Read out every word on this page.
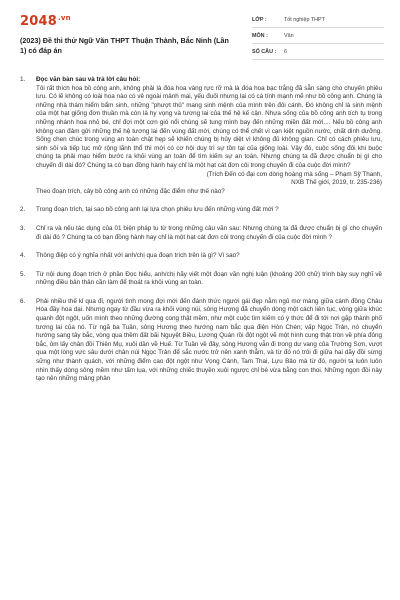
$2048^{.vn}$
(2023) Đề thi thử Ngữ Văn THPT Thuận Thành, Bắc Ninh (Lần 1) có đáp án
LỚP :	Tốt nghiệp THPT
MÔN :	Văn
SỐ CÂU :	6
1.	Đọc văn bản sau và trả lời câu hỏi:

Tôi rất thích hoa bồ công anh, không phải là đóa hoa vàng rực rỡ mà là đóa hoa bạc trắng đã sẵn sàng cho chuyến phiêu lưu. Có lẽ không có loài hoa nào có vẻ ngoài mảnh mai, yếu đuối nhưng lại có cá tính mạnh mẽ như bồ công anh. Chúng là những nhà thám hiểm bẩm sinh, những "phượt thủ" mang sinh mệnh của mình trên đôi cánh. Đó không chỉ là sinh mệnh của một hạt giống đơn thuần mà còn là hy vọng và tương lai của thế hệ kế cận. Nhựa sống của bồ công anh tích tụ trong những nhánh hoa nhỏ bé, chỉ đợi một cơn gió nổi chúng sẽ tung mình bay đến những miền đất mới.... Nếu bồ công anh không can đảm gửi những thế hệ tương lai đến vùng đất mới, chúng có thể chết vì cạn kiệt nguồn nước, chất dinh dưỡng. Sống chen chúc trong vùng an toàn chật hẹp sẽ khiến chúng bị hủy diệt vì không đủ không gian. Chỉ có cách phiêu lưu, sinh sôi và tiếp tục mở rộng lãnh thổ thì mới có cơ hội duy trì sự tồn tại của giống loài. Vậy đó, cuộc sống đôi khi buộc chúng ta phải mạo hiểm bước ra khỏi vùng an toàn để tìm kiếm sự an toàn. Nhưng chúng ta đã được chuẩn bị gì cho chuyến đi dài đó? Chúng ta có bạn đồng hành hay chỉ là một hạt cát đơn côi trong chuyến đi của cuộc đời mình?

(Trích Đến có đại cơn dòng hoàng mà sống – Phạm Sỹ Thanh,

NXB Thế giới, 2019, tr. 235-236)

Theo đoạn trích, cây bồ công anh có những đặc điểm như thế nào?

2.	Trong đoạn trích, tại sao bồ công anh lại lựa chọn phiêu lưu đến những vùng đất mới ?

3.	Chỉ ra và nêu tác dụng của 01 biện pháp tu từ trong những câu văn sau: Nhưng chúng ta đã được chuẩn bị gì cho chuyến đi dài đó ? Chúng ta có bạn đồng hành hay chỉ là một hạt cát đơn côi trong chuyến đi của cuộc đời mình ?

4.	Thông điệp có ý nghĩa nhất với anh/chị qua đoạn trích trên là gì? Vì sao?

5.	Từ nội dung đoạn trích ở phần Đọc hiểu, anh/chị hãy viết một đoạn văn nghị luận (khoảng 200 chữ) trình bày suy nghĩ về những điều bản thân cần làm để thoát ra khỏi vùng an toàn.

6.	Phải nhiều thế kỉ qua đi, người tình mong đợi mới đến đánh thức người gái đẹp nằm ngủ mơ màng giữa cánh đồng Châu Hóa đầy hoa dại. Nhưng ngay từ đầu vừa ra khỏi vùng núi, sông Hương đã chuyển dòng một cách liên tục, vòng giữa khúc quanh đột ngột, uốn mình theo những đường cong thật mềm, như một cuộc tìm kiếm có ý thức để đi tới nơi gặp thành phố tương lai của nó. Từ ngã ba Tuần, sông Hương theo hướng nam bắc qua điện Hòn Chén; vấp Ngọc Trản, nó chuyển hướng sang tây bắc, vòng qua thềm đất bãi Nguyệt Biều, Lương Quán rồi đột ngột vẽ một hình cung thật tròn về phía đông bắc, ôm lấy chân đồi Thiên Mụ, xuôi dần về Huế. Từ Tuần về đây, sông Hương vẫn đi trong dư vang của Trường Sơn, vượt qua một lòng vực sâu dưới chân núi Ngọc Trản để sắc nước trở nên xanh thẳm, và từ đó nó trôi đi giữa hai dãy đồi sừng sững như thành quách, với những điểm cao đột ngột như Vọng Cảnh, Tam Thai, Lựu Bảo mà từ đó, người ta luôn luôn nhìn thấy dòng sông mềm như tấm lụa, với những chiếc thuyền xuôi ngược chỉ bé vừa bằng con thoi. Những ngọn đồi này tạo nên những mảng phản
